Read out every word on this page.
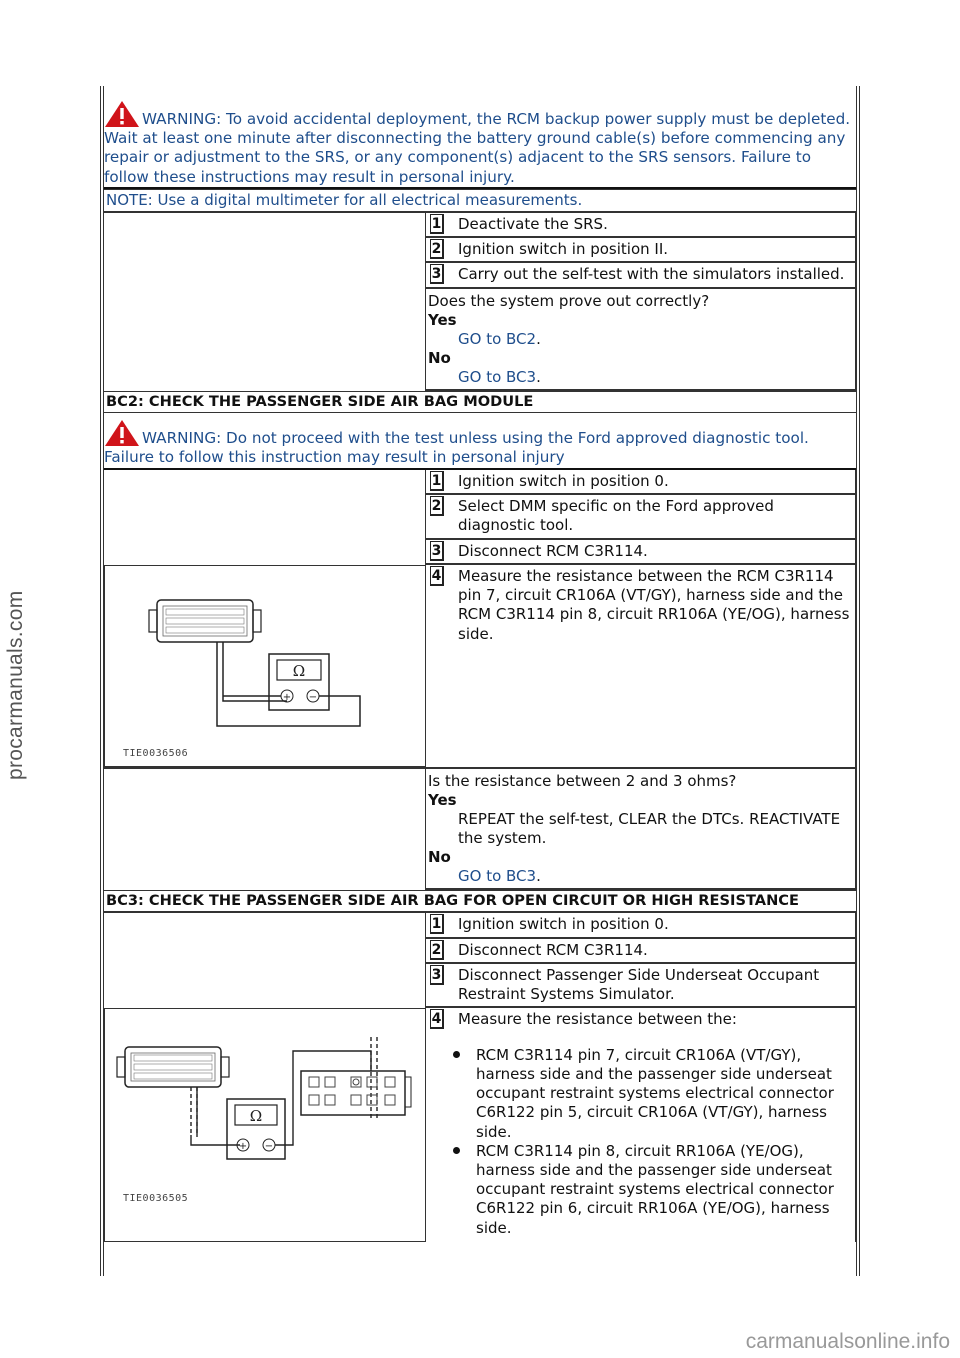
procarmanuals.com
carmanualsonline.info
WARNING: To avoid accidental deployment, the RCM backup power supply must be depleted. Wait at least one minute after disconnecting the battery ground cable(s) before commencing any repair or adjustment to the SRS, or any component(s) adjacent to the SRS sensors. Failure to follow these instructions may result in personal injury.
NOTE: Use a digital multimeter for all electrical measurements.
1	Deactivate the SRS.
2	Ignition switch in position II.
3	Carry out the self-test with the simulators installed.
Does the system prove out correctly?
Yes
GO to BC2.
No
GO to BC3.
BC2: CHECK THE PASSENGER SIDE AIR BAG MODULE
WARNING: Do not proceed with the test unless using the Ford approved diagnostic tool. Failure to follow this instruction may result in personal injury
1	Ignition switch in position 0.
2	Select DMM specific on the Ford approved diagnostic tool.
3	Disconnect RCM C3R114.
Ω
+ −
TIE0036506
4	Measure the resistance between the RCM C3R114 pin 7, circuit CR106A (VT/GY), harness side and the RCM C3R114 pin 8, circuit RR106A (YE/OG), harness side.
Is the resistance between 2 and 3 ohms?
Yes
REPEAT the self-test, CLEAR the DTCs. REACTIVATE the system.
No
GO to BC3.
BC3: CHECK THE PASSENGER SIDE AIR BAG FOR OPEN CIRCUIT OR HIGH RESISTANCE
1	Ignition switch in position 0.
2	Disconnect RCM C3R114.
3	Disconnect Passenger Side Underseat Occupant Restraint Systems Simulator.
Ω
+ −
TIE0036505
4	Measure the resistance between the:
RCM C3R114 pin 7, circuit CR106A (VT/GY), harness side and the passenger side underseat occupant restraint systems electrical connector C6R122 pin 5, circuit CR106A (VT/GY), harness side.
RCM C3R114 pin 8, circuit RR106A (YE/OG), harness side and the passenger side underseat occupant restraint systems electrical connector C6R122 pin 6, circuit RR106A (YE/OG), harness side.
